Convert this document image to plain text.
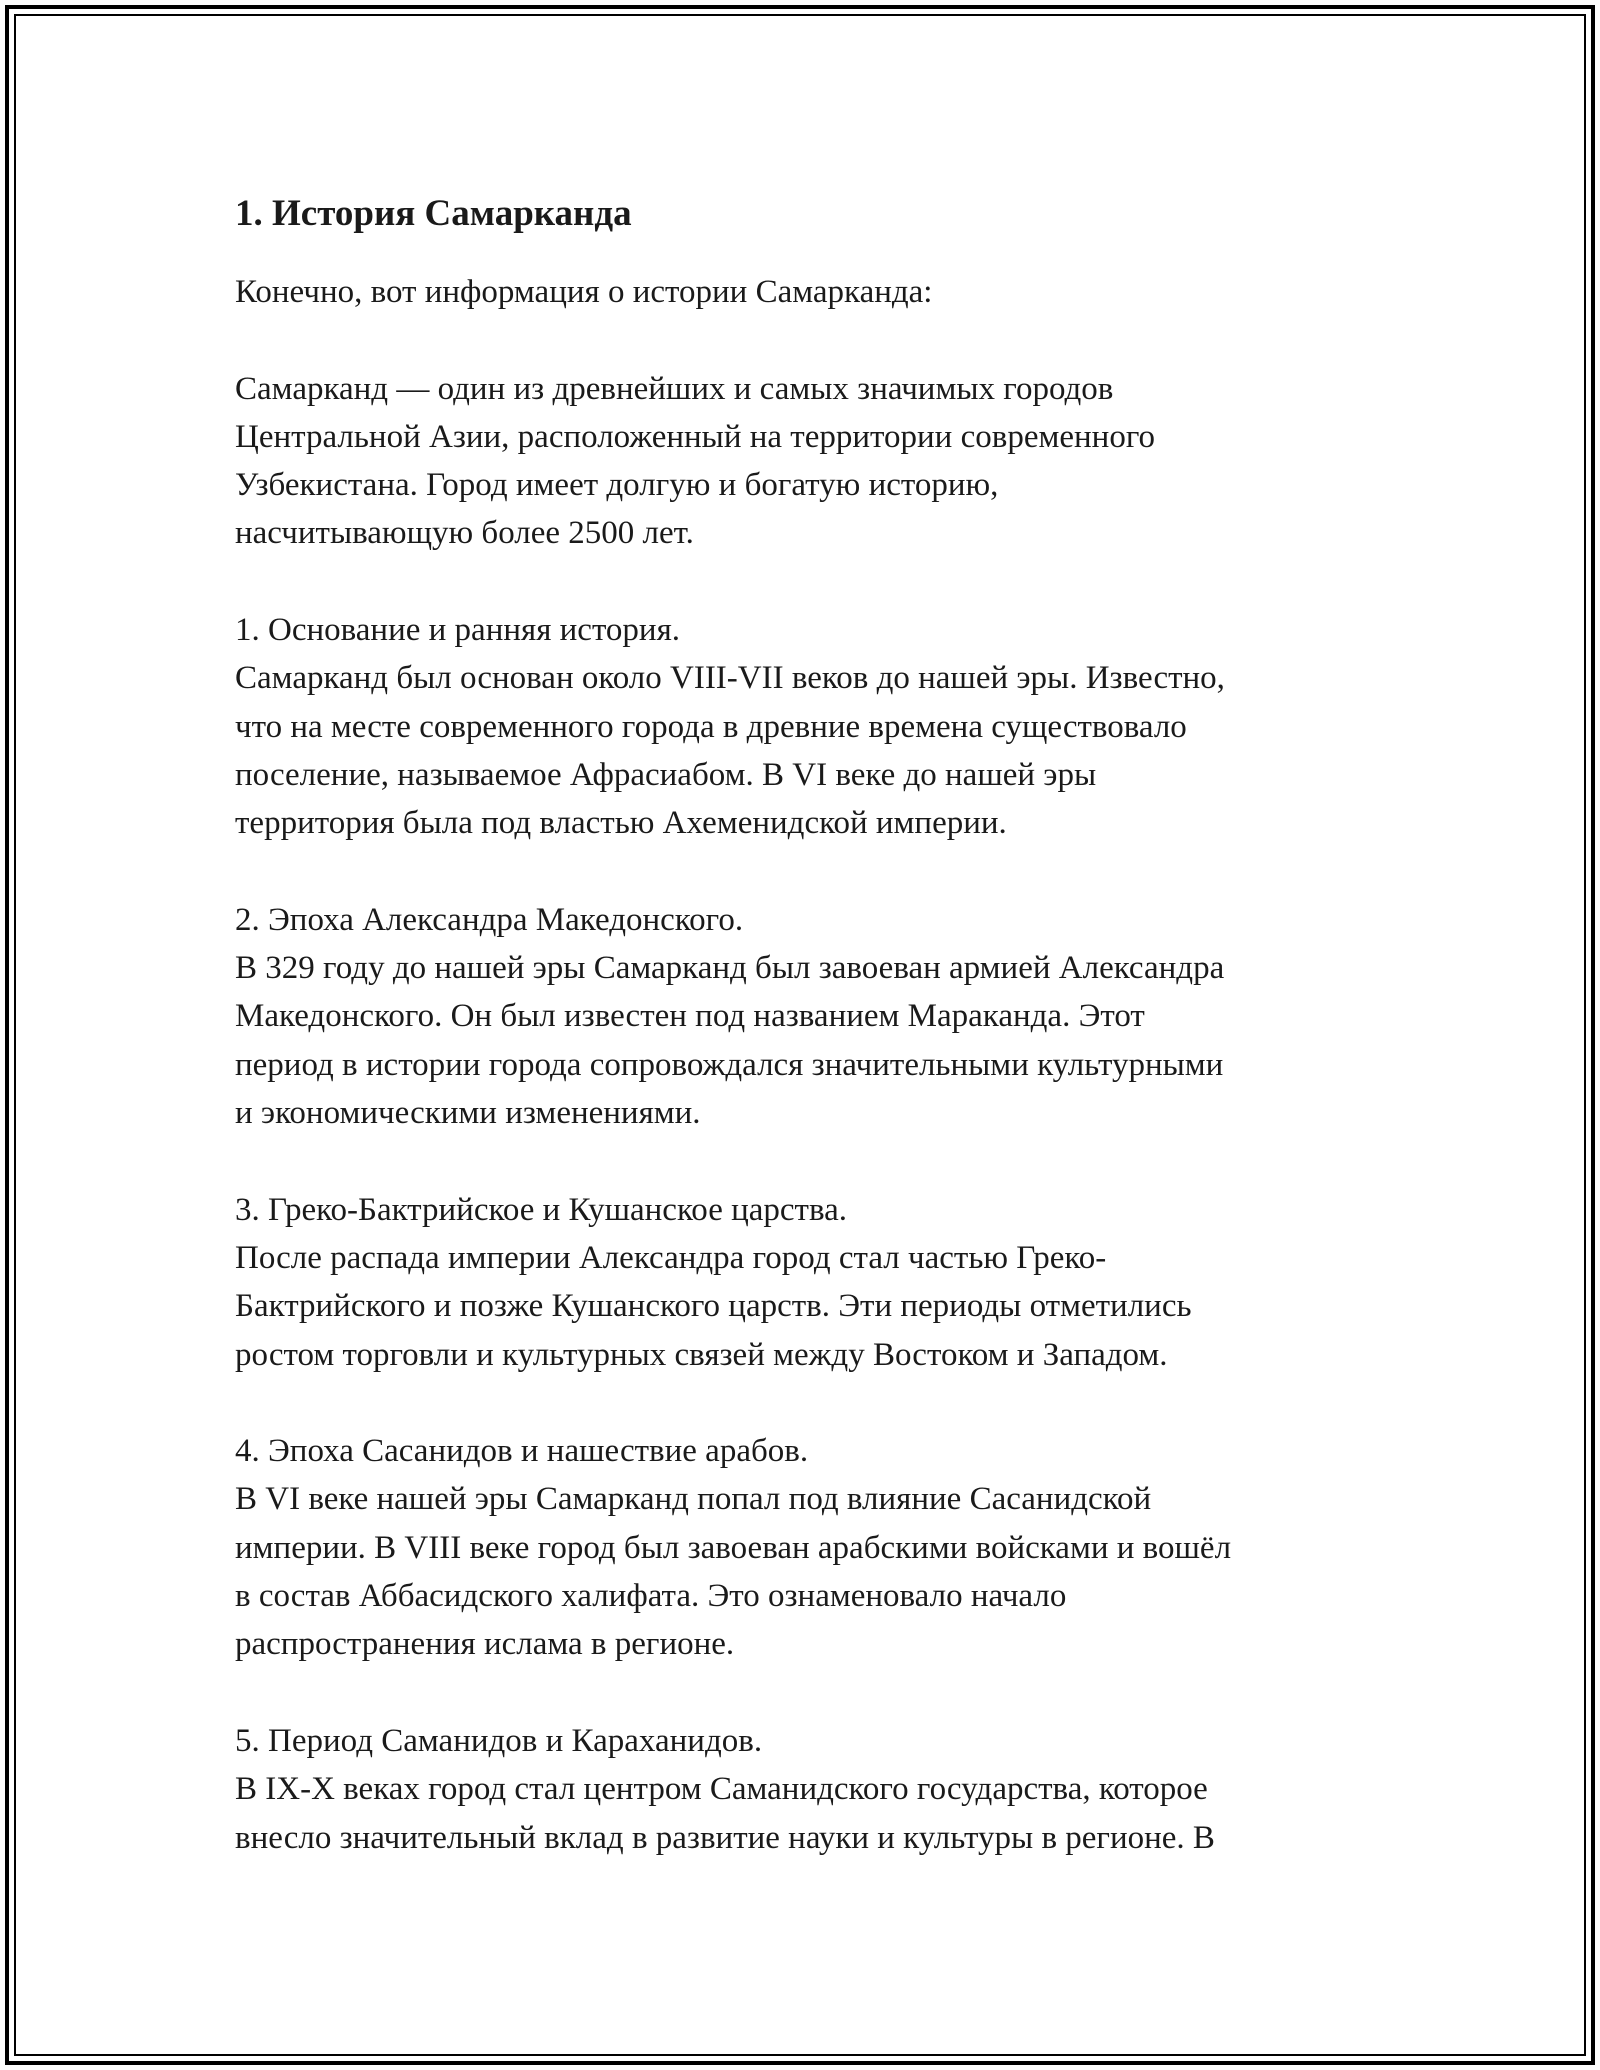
1. История Самарканда

Конечно, вот информация о истории Самарканда:

Самарканд — один из древнейших и самых значимых городов

Центральной Азии, расположенный на территории современного

Узбекистана. Город имеет долгую и богатую историю,

насчитывающую более 2500 лет.

1. Основание и ранняя история.

Самарканд был основан около VIII-VII веков до нашей эры. Известно,

что на месте современного города в древние времена существовало

поселение, называемое Афрасиабом. В VI веке до нашей эры

территория была под властью Ахеменидской империи.

2. Эпоха Александра Македонского.

В 329 году до нашей эры Самарканд был завоеван армией Александра

Македонского. Он был известен под названием Мараканда. Этот

период в истории города сопровождался значительными культурными

и экономическими изменениями.

3. Греко-Бактрийское и Кушанское царства.

После распада империи Александра город стал частью Греко-

Бактрийского и позже Кушанского царств. Эти периоды отметились

ростом торговли и культурных связей между Востоком и Западом.

4. Эпоха Сасанидов и нашествие арабов.

В VI веке нашей эры Самарканд попал под влияние Сасанидской

империи. В VIII веке город был завоеван арабскими войсками и вошёл

в состав Аббасидского халифата. Это ознаменовало начало

распространения ислама в регионе.

5. Период Саманидов и Караханидов.

В IX-X веках город стал центром Саманидского государства, которое

внесло значительный вклад в развитие науки и культуры в регионе. В
